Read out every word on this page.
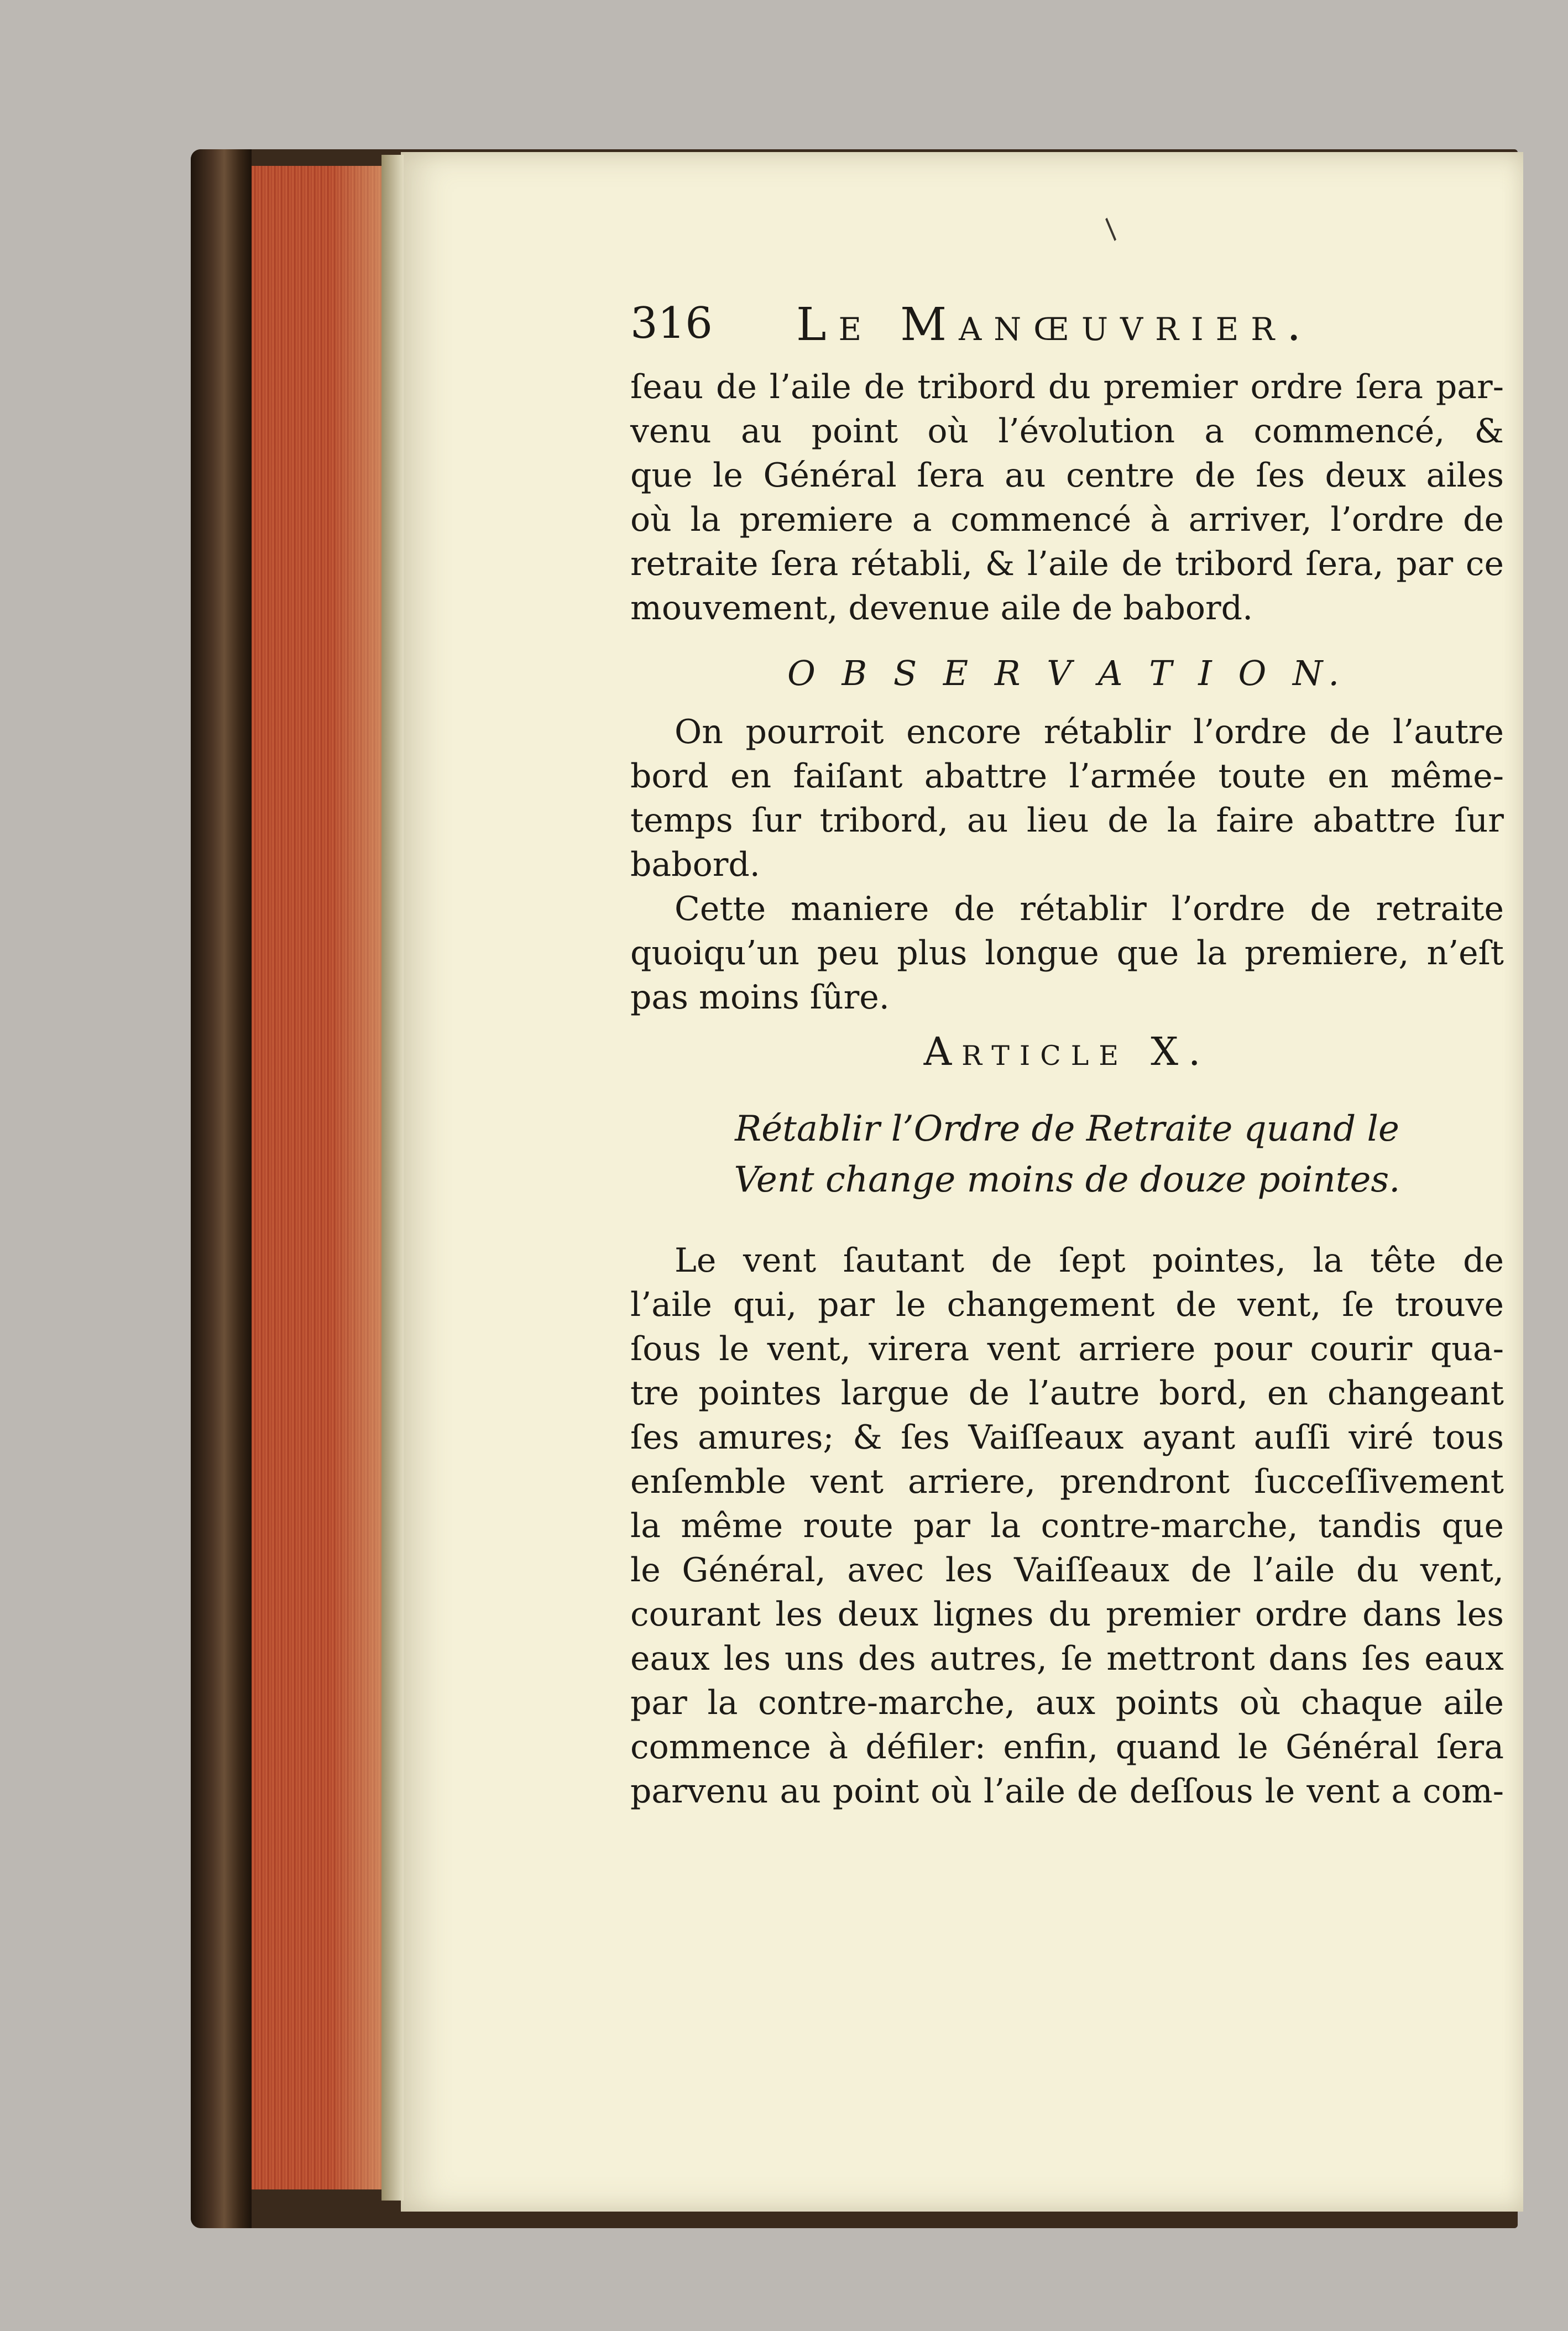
/
316 Le Manœuvrier.
ſeau de l’aile de tribord du premier ordre ſera par-
venu au point où l’évolution a commencé, &
que le Général ſera au centre de ſes deux ailes
où la premiere a commencé à arriver, l’ordre de
retraite ſera rétabli, & l’aile de tribord ſera, par ce
mouvement, devenue aile de babord.
O B S E R V A T I O N.
On pourroit encore rétablir l’ordre de l’autre
bord en faiſant abattre l’armée toute en même-
temps ſur tribord, au lieu de la faire abattre ſur
babord.
Cette maniere de rétablir l’ordre de retraite
quoiqu’un peu plus longue que la premiere, n’eſt
pas moins ſûre.
Article X.
Rétablir l’Ordre de Retraite quand le
Vent change moins de douze pointes.
Le vent ſautant de ſept pointes, la tête de
l’aile qui, par le changement de vent, ſe trouve
ſous le vent, virera vent arriere pour courir qua-
tre pointes largue de l’autre bord, en changeant
ſes amures; & ſes Vaiſſeaux ayant auſſi viré tous
enſemble vent arriere, prendront ſucceſſivement
la même route par la contre-marche, tandis que
le Général, avec les Vaiſſeaux de l’aile du vent,
courant les deux lignes du premier ordre dans les
eaux les uns des autres, ſe mettront dans ſes eaux
par la contre-marche, aux points où chaque aile
commence à défiler: enfin, quand le Général ſera
parvenu au point où l’aile de deſſous le vent a com-
